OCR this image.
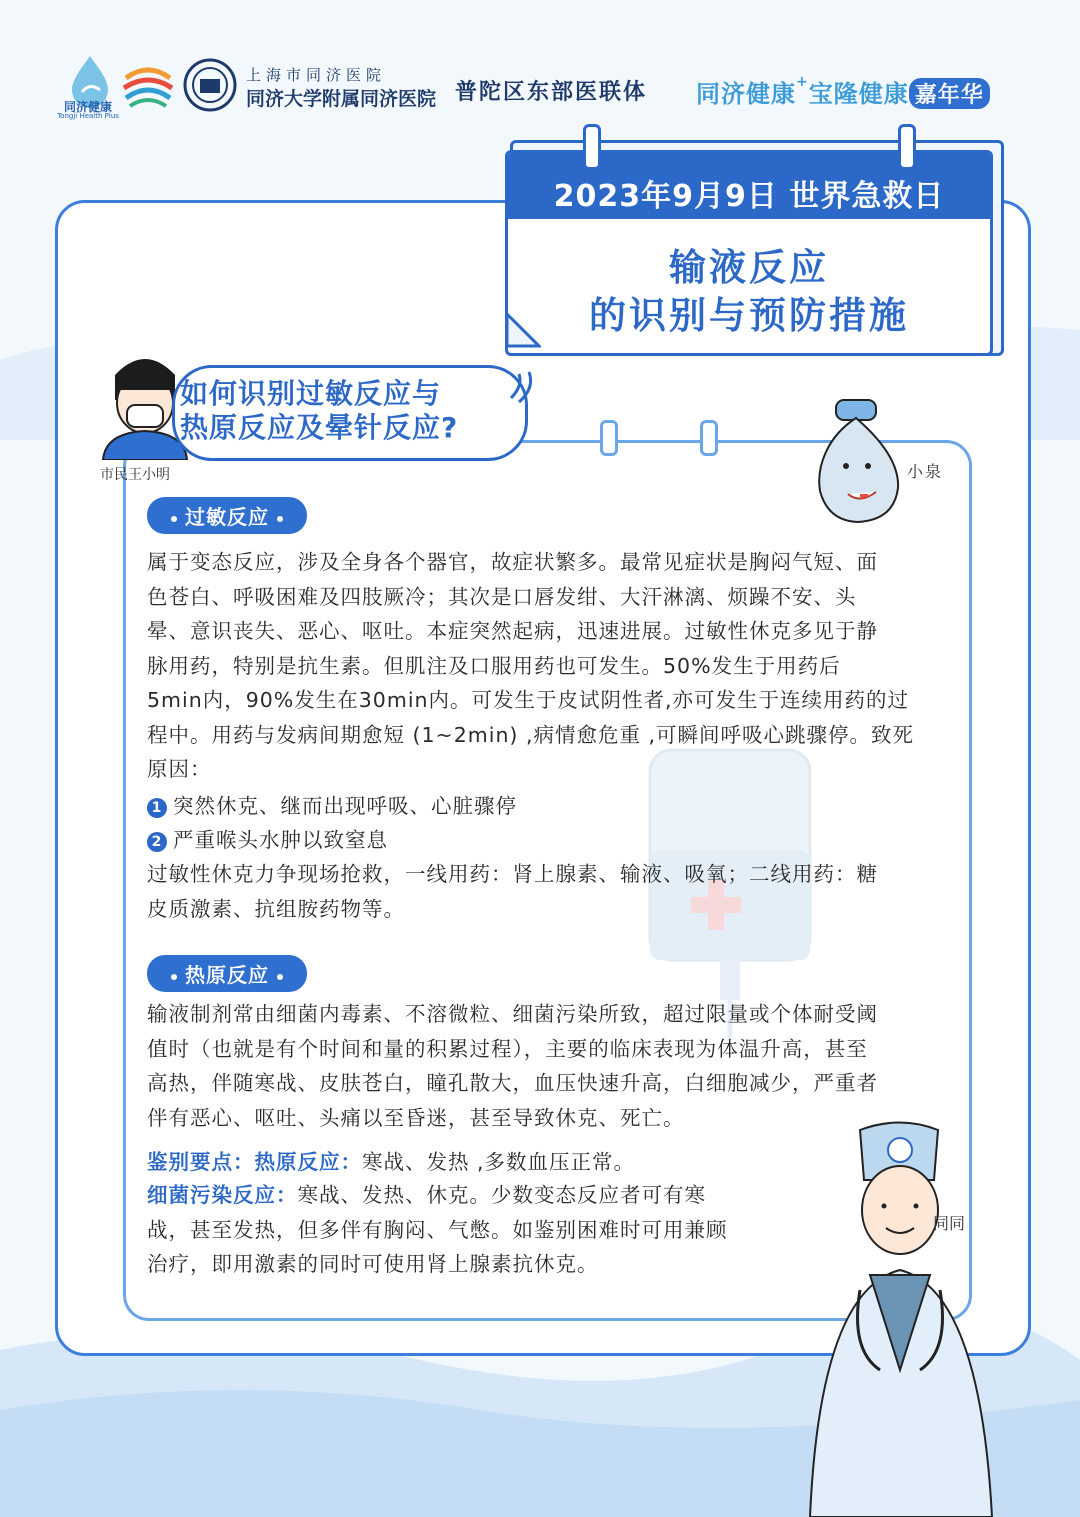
同济健康
Tongji Health Plus
上海市同济医院
同济大学附属同济医院 普陀区东部医联体 同济健康+宝隆健康 嘉年华
2023年9月9日 世界急救日
输液反应
的识别与预防措施
如何识别过敏反应与
热原反应及晕针反应?
市民王小明	小泉
过敏反应
属于变态反应，涉及全身各个器官，故症状繁多。最常见症状是胸闷气短、面
色苍白、呼吸困难及四肢厥冷；其次是口唇发绀、大汗淋漓、烦躁不安、头
晕、意识丧失、恶心、呕吐。本症突然起病，迅速进展。过敏性休克多见于静
脉用药，特别是抗生素。但肌注及口服用药也可发生。50%发生于用药后
5min内，90%发生在30min内。可发生于皮试阴性者,亦可发生于连续用药的过
程中。用药与发病间期愈短 (1~2min) ,病情愈危重 ,可瞬间呼吸心跳骤停。致死
原因：
1 突然休克、继而出现呼吸、心脏骤停
2 严重喉头水肿以致窒息
过敏性休克力争现场抢救，一线用药：肾上腺素、输液、吸氧；二线用药：糖
皮质激素、抗组胺药物等。
热原反应
输液制剂常由细菌内毒素、不溶微粒、细菌污染所致，超过限量或个体耐受阈
值时（也就是有个时间和量的积累过程），主要的临床表现为体温升高，甚至
高热，伴随寒战、皮肤苍白，瞳孔散大，血压快速升高，白细胞减少，严重者
伴有恶心、呕吐、头痛以至昏迷，甚至导致休克、死亡。
鉴别要点：热原反应：寒战、发热 ,多数血压正常。
细菌污染反应：寒战、发热、休克。少数变态反应者可有寒
战，甚至发热，但多伴有胸闷、气憋。如鉴别困难时可用兼顾
治疗，即用激素的同时可使用肾上腺素抗休克。
同同
